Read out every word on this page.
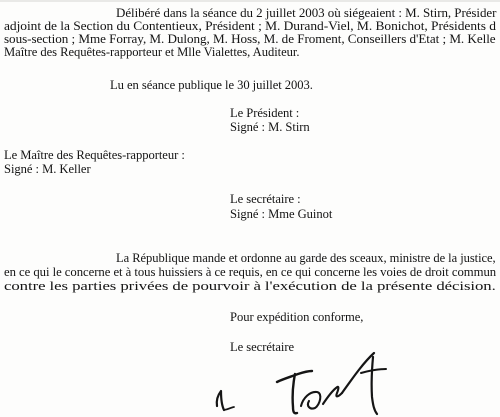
Délibéré dans la séance du 2 juillet 2003 où siégeaient : M. Stirn, Présider
adjoint de la Section du Contentieux, Président ; M. Durand-Viel, M. Bonichot, Présidents d
sous-section ; Mme Forray, M. Dulong, M. Hoss, M. de Froment, Conseillers d'Etat ; M. Kelle
Maître des Requêtes-rapporteur et Mlle Vialettes, Auditeur.
Lu en séance publique le 30 juillet 2003.
Le Président :
Signé : M. Stirn
Le Maître des Requêtes-rapporteur :
Signé : M. Keller
Le secrétaire :
Signé : Mme Guinot
La République mande et ordonne au garde des sceaux, ministre de la justice,
en ce qui le concerne et à tous huissiers à ce requis, en ce qui concerne les voies de droit commun
contre les parties privées de pourvoir à l'exécution de la présente décision.
Pour expédition conforme,
Le secrétaire
